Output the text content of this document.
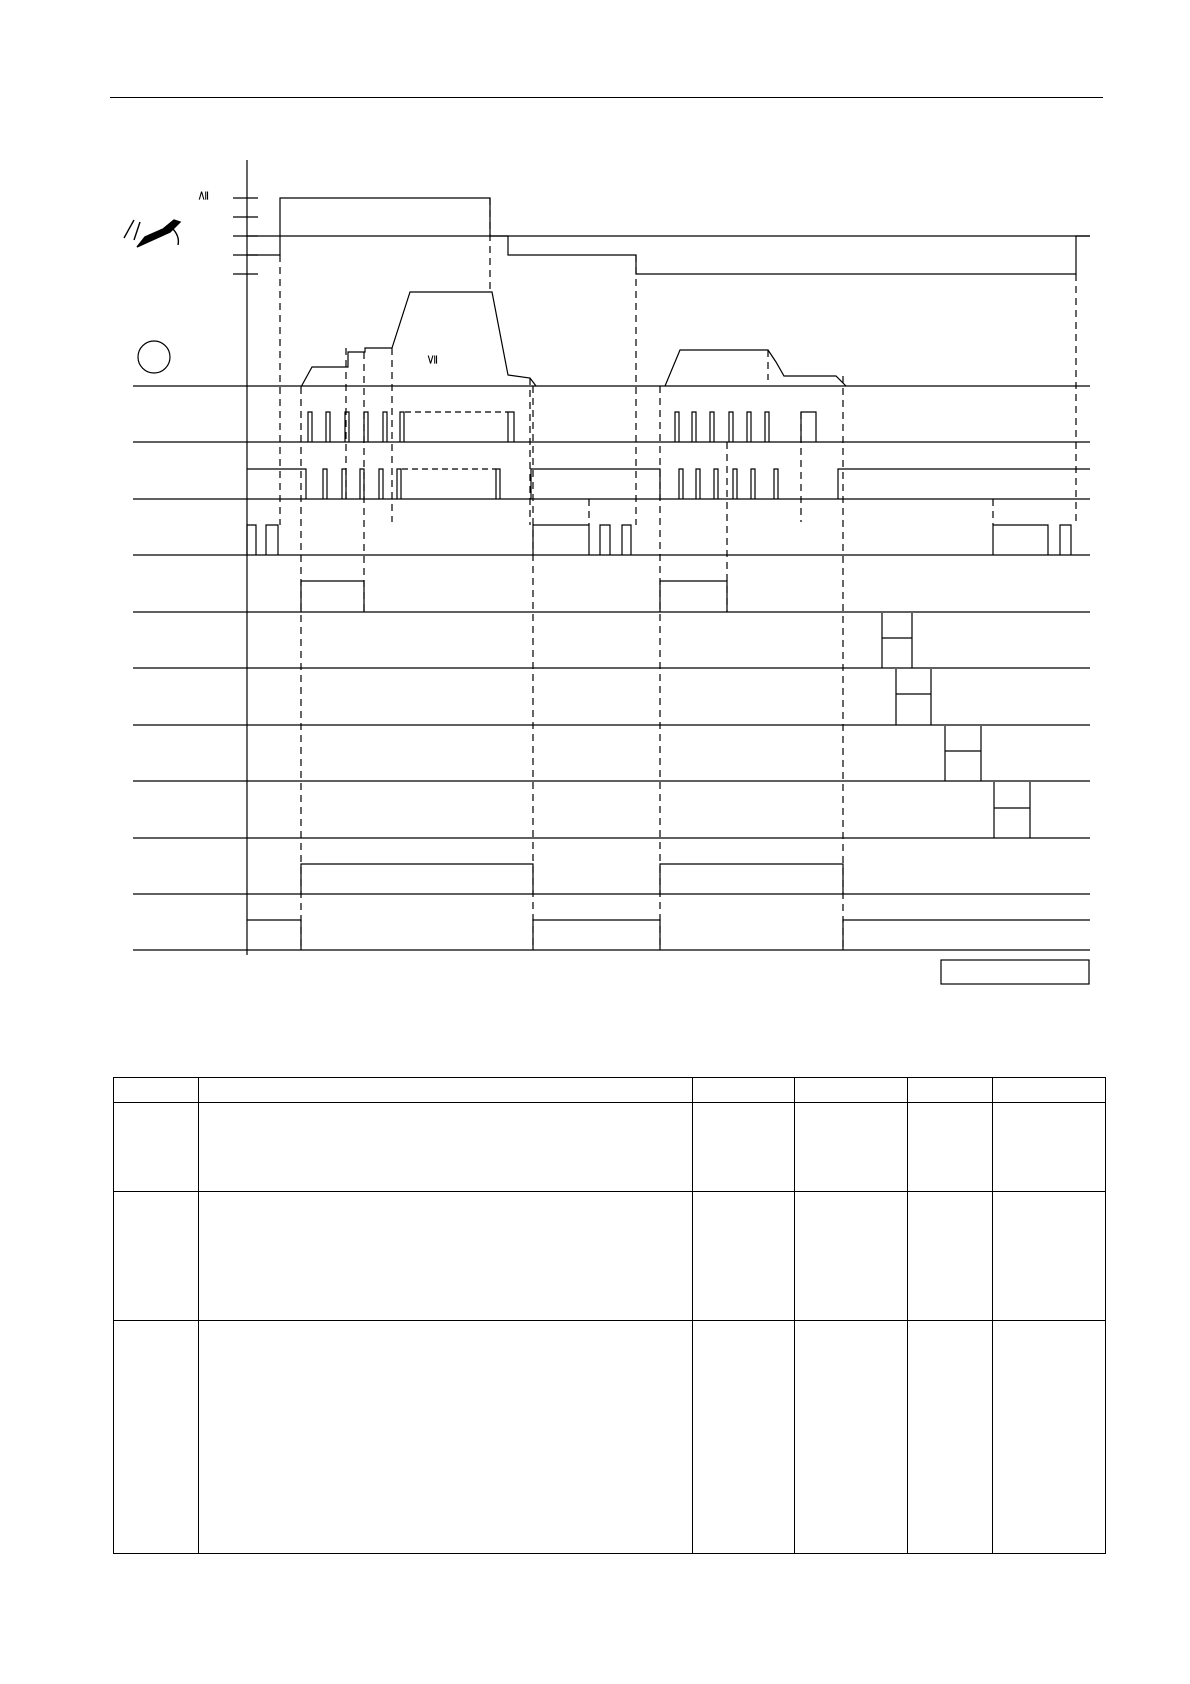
≧
≦
